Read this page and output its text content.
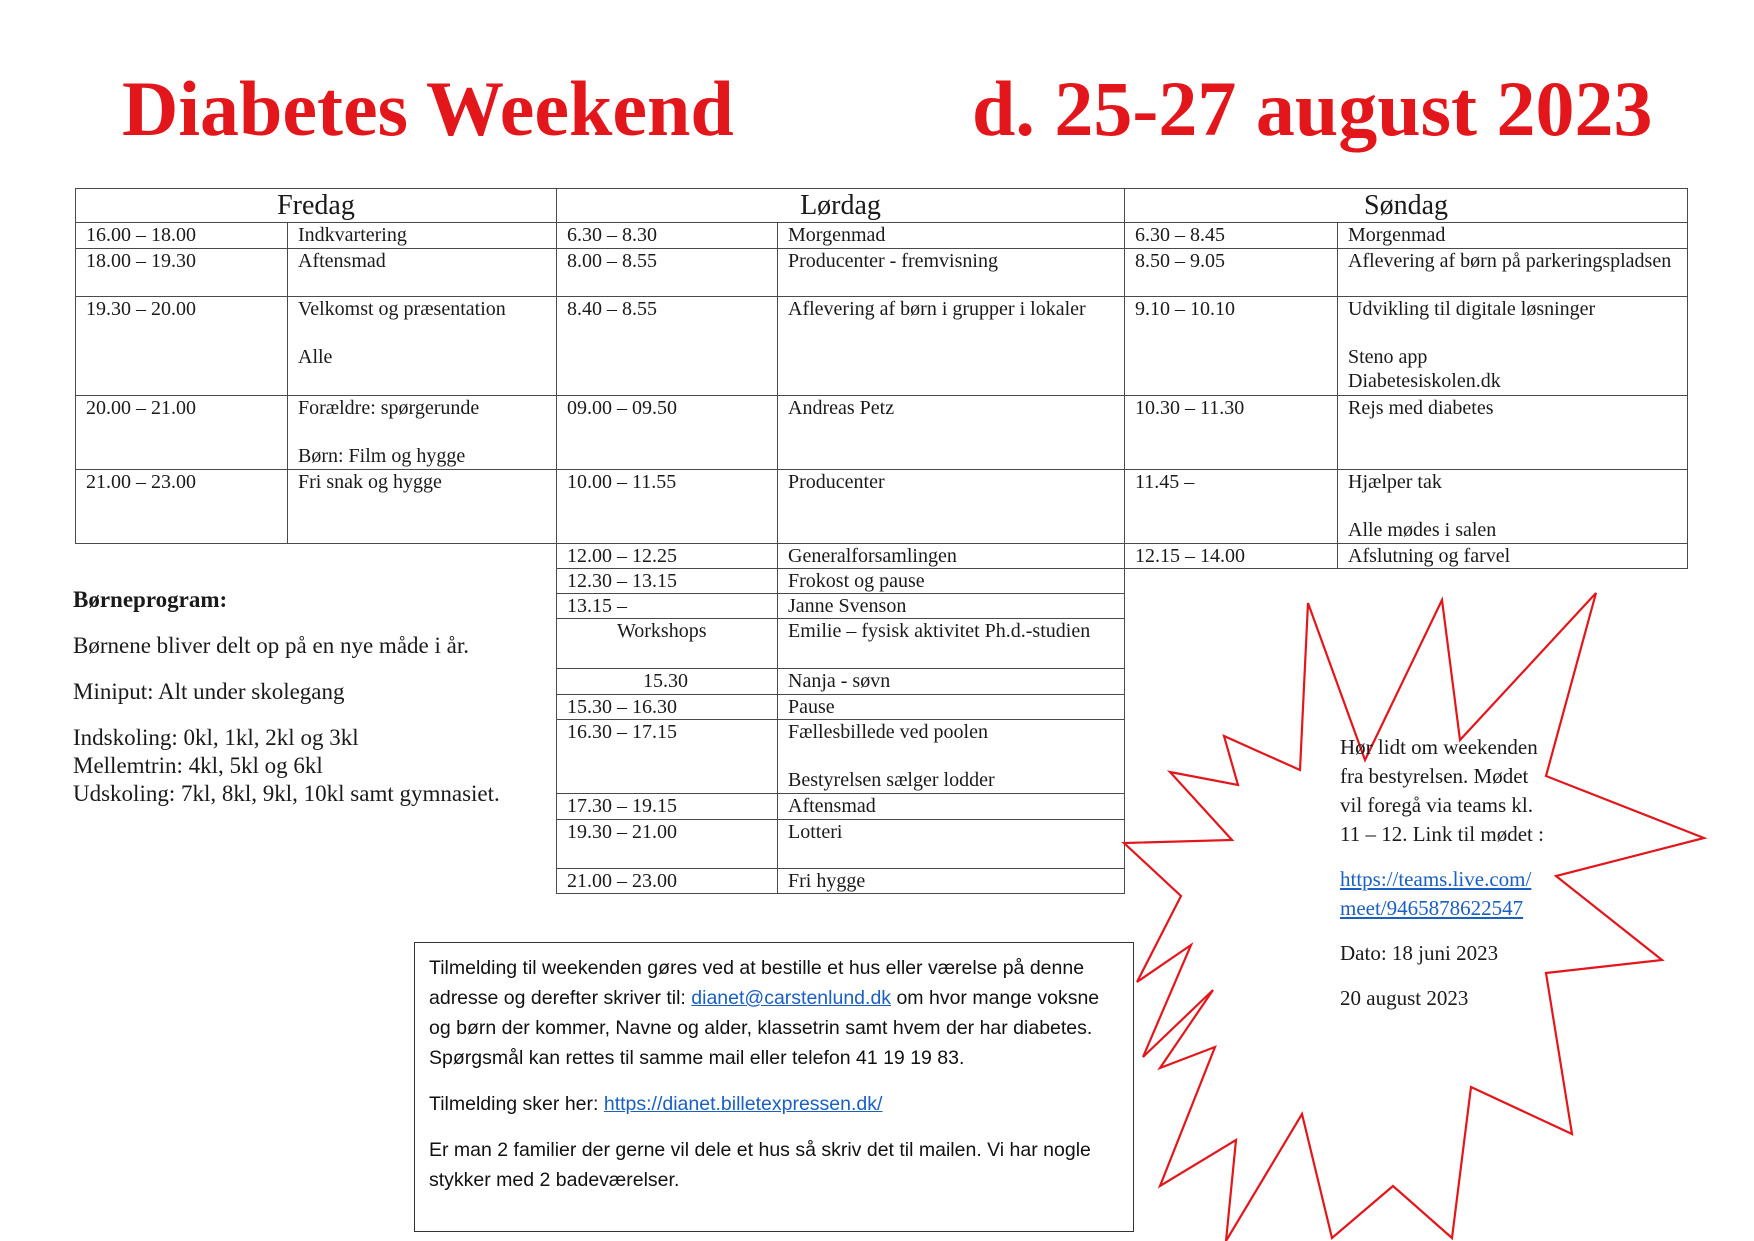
Diabetes Weekend	d. 25-27 august 2023
Fredag	
16.00 – 18.00	Indkvartering
18.00 – 19.30	Aftensmad
19.30 – 20.00	Velkomst og præsentation

Alle
20.00 – 21.00	Forældre: spørgerunde

Børn: Film og hygge
21.00 – 23.00	Fri snak og hygge
Lørdag	
6.30 – 8.30	Morgenmad
8.00 – 8.55	Producenter - fremvisning
8.40 – 8.55	Aflevering af børn i grupper i lokaler
09.00 – 09.50	Andreas Petz
10.00 – 11.55	Producenter
12.00 – 12.25	Generalforsamlingen
12.30 – 13.15	Frokost og pause
13.15 –	Janne Svenson
Workshops	Emilie – fysisk aktivitet Ph.d.-studien
15.30	Nanja - søvn
15.30 – 16.30	Pause
16.30 – 17.15	Fællesbillede ved poolen

Bestyrelsen sælger lodder
17.30 – 19.15	Aftensmad
19.30 – 21.00	Lotteri
21.00 – 23.00	Fri hygge
Søndag	
6.30 – 8.45	Morgenmad
8.50 – 9.05	Aflevering af børn på parkeringspladsen
9.10 – 10.10	Udvikling til digitale løsninger

Steno app
Diabetesiskolen.dk
10.30 – 11.30	Rejs med diabetes
11.45 –	Hjælper tak

Alle mødes i salen
12.15 – 14.00	Afslutning og farvel

Børneprogram:

Børnene bliver delt op på en nye måde i år.

Miniput: Alt under skolegang

Indskoling: 0kl, 1kl, 2kl og 3kl
Mellemtrin: 4kl, 5kl og 6kl
Udskoling: 7kl, 8kl, 9kl, 10kl samt gymnasiet.

Tilmelding til weekenden gøres ved at bestille et hus eller værelse på denne adresse og derefter skriver til: dianet@carstenlund.dk om hvor mange voksne og børn der kommer, Navne og alder, klassetrin samt hvem der har diabetes. Spørgsmål kan rettes til samme mail eller telefon 41 19 19 83.

Tilmelding sker her: https://dianet.billetexpressen.dk/

Er man 2 familier der gerne vil dele et hus så skriv det til mailen. Vi har nogle stykker med 2 badeværelser.

Hør lidt om weekenden fra bestyrelsen. Mødet vil foregå via teams kl. 11 – 12. Link til mødet :

https://teams.live.com/meet/9465878622547

Dato: 18 juni 2023

20 august 2023
